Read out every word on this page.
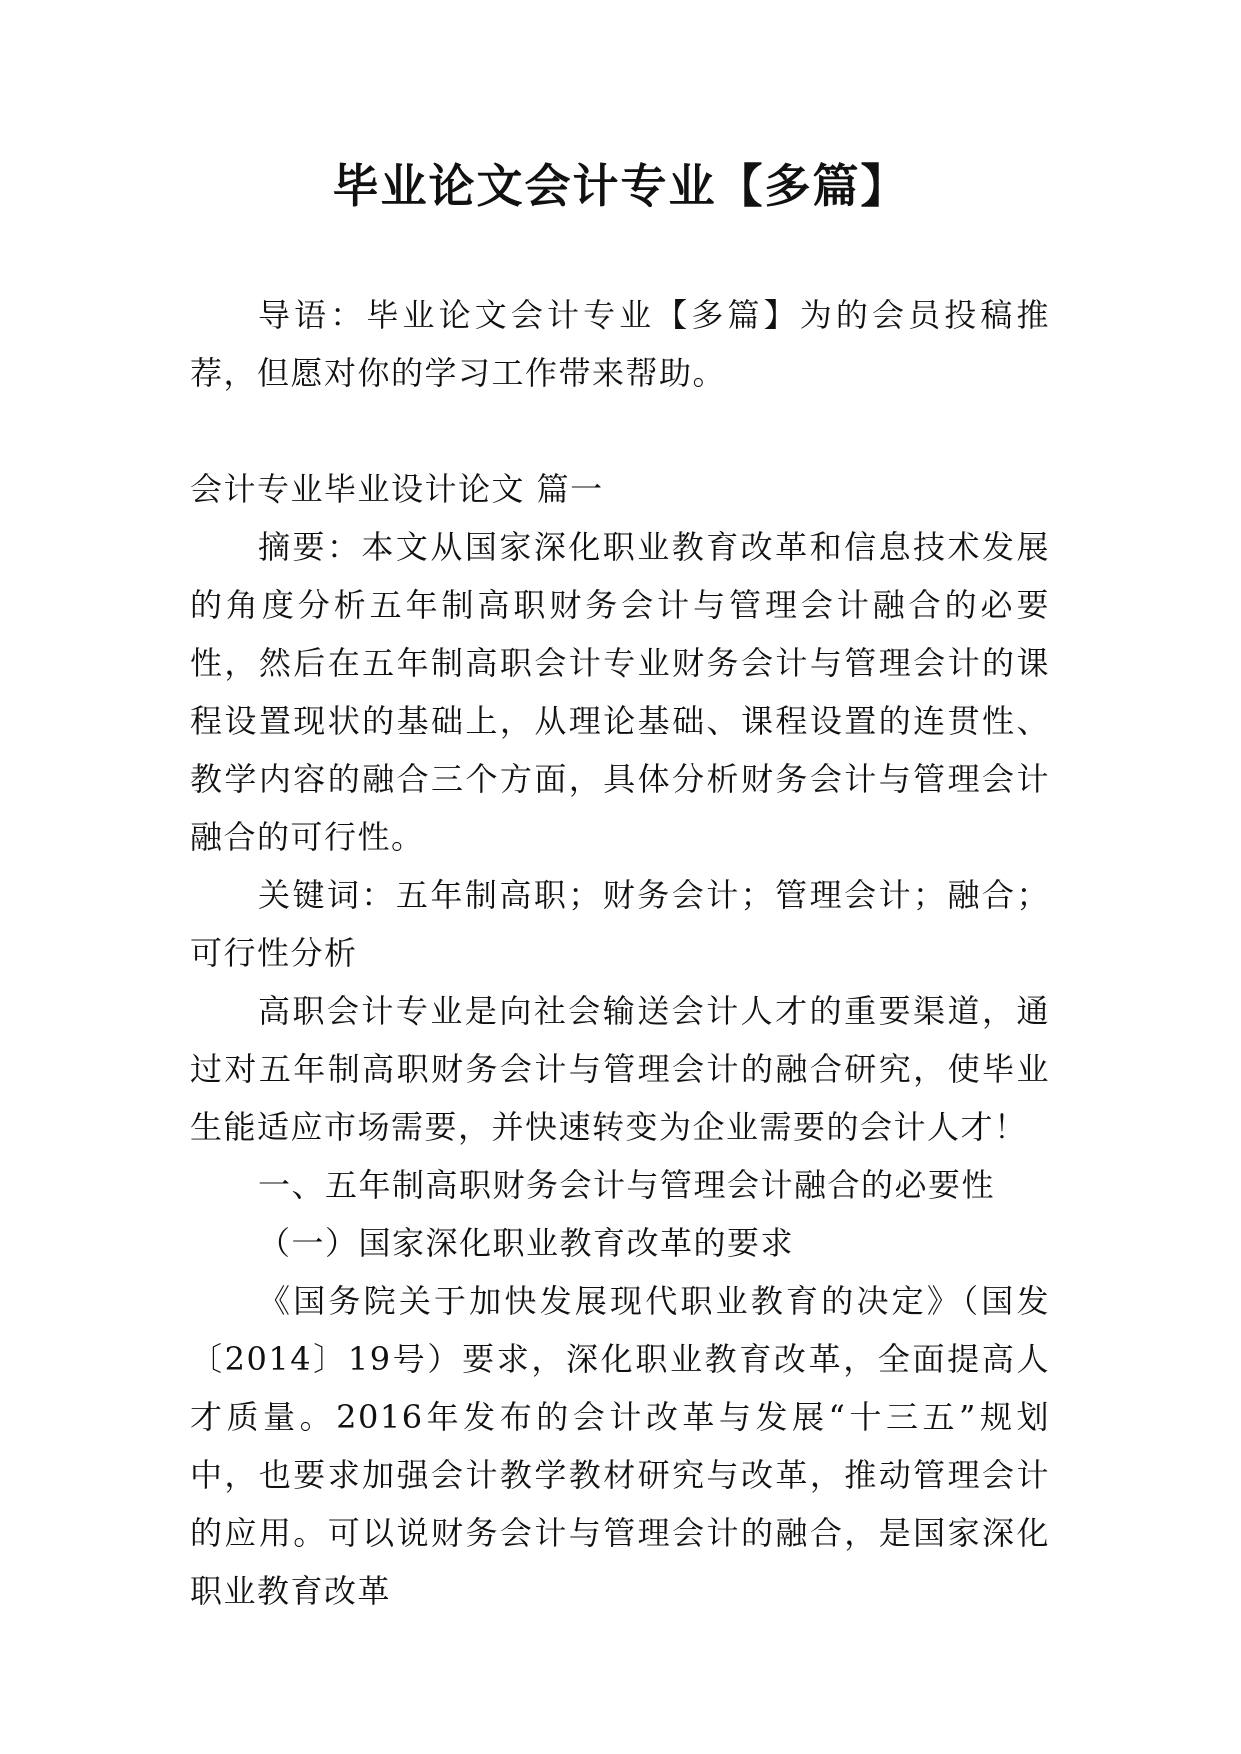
毕业论文会计专业【多篇】

导语：毕业论文会计专业【多篇】为的会员投稿推荐，但愿对你的学习工作带来帮助。

会计专业毕业设计论文 篇一

摘要：本文从国家深化职业教育改革和信息技术发展的角度分析五年制高职财务会计与管理会计融合的必要性，然后在五年制高职会计专业财务会计与管理会计的课程设置现状的基础上，从理论基础、课程设置的连贯性、教学内容的融合三个方面，具体分析财务会计与管理会计融合的可行性。

关键词：五年制高职；财务会计；管理会计；融合；可行性分析

高职会计专业是向社会输送会计人才的重要渠道，通过对五年制高职财务会计与管理会计的融合研究，使毕业生能适应市场需要，并快速转变为企业需要的会计人才！

一、五年制高职财务会计与管理会计融合的必要性

（一）国家深化职业教育改革的要求

《国务院关于加快发展现代职业教育的决定》（国发〔2014〕19号）要求，深化职业教育改革，全面提高人才质量。2016年发布的会计改革与发展“十三五”规划中，也要求加强会计教学教材研究与改革，推动管理会计的应用。可以说财务会计与管理会计的融合，是国家深化职业教育改革
